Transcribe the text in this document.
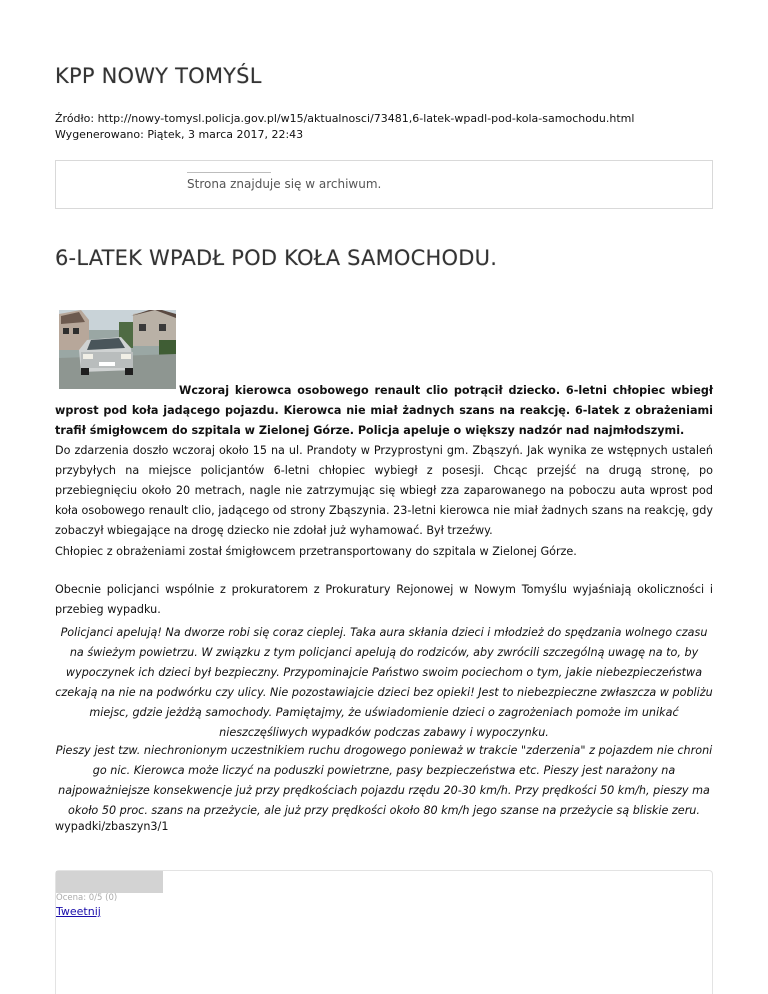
KPP NOWY TOMYŚL
Źródło: http://nowy-tomysl.policja.gov.pl/w15/aktualnosci/73481,6-latek-wpadl-pod-kola-samochodu.html
Wygenerowano: Piątek, 3 marca 2017, 22:43
Strona znajduje się w archiwum.
6-LATEK WPADŁ POD KOŁA SAMOCHODU.

Wczoraj kierowca osobowego renault clio potrącił dziecko. 6-letni chłopiec wbiegł wprost pod koła jadącego pojazdu. Kierowca nie miał żadnych szans na reakcję. 6-latek z obrażeniami trafił śmigłowcem do szpitala w Zielonej Górze. Policja apeluje o większy nadzór nad najmłodszymi.

Do zdarzenia doszło wczoraj około 15 na ul. Prandoty w Przyprostyni gm. Zbąszyń. Jak wynika ze wstępnych ustaleń przybyłych na miejsce policjantów 6-letni chłopiec wybiegł z posesji. Chcąc przejść na drugą stronę, po przebiegnięciu około 20 metrach, nagle nie zatrzymując się wbiegł zza zaparowanego na poboczu auta wprost pod koła osobowego renault clio, jadącego od strony Zbąszynia. 23-letni kierowca nie miał żadnych szans na reakcję, gdy zobaczył wbiegające na drogę dziecko nie zdołał już wyhamować. Był trzeźwy.

Chłopiec z obrażeniami został śmigłowcem przetransportowany do szpitala w Zielonej Górze.

Obecnie policjanci wspólnie z prokuratorem z Prokuratury Rejonowej w Nowym Tomyślu wyjaśniają okoliczności i przebieg wypadku.

Policjanci apelują! Na dworze robi się coraz cieplej. Taka aura skłania dzieci i młodzież do spędzania wolnego czasu na świeżym powietrzu. W związku z tym policjanci apelują do rodziców, aby zwrócili szczególną uwagę na to, by wypoczynek ich dzieci był bezpieczny. Przypominajcie Państwo swoim pociechom o tym, jakie niebezpieczeństwa czekają na nie na podwórku czy ulicy. Nie pozostawiajcie dzieci bez opieki! Jest to niebezpieczne zwłaszcza w pobliżu miejsc, gdzie jeżdżą samochody. Pamiętajmy, że uświadomienie dzieci o zagrożeniach pomoże im unikać nieszczęśliwych wypadków podczas zabawy i wypoczynku.

Pieszy jest tzw. niechronionym uczestnikiem ruchu drogowego ponieważ w trakcie "zderzenia" z pojazdem nie chroni go nic. Kierowca może liczyć na poduszki powietrzne, pasy bezpieczeństwa etc. Pieszy jest narażony na najpoważniejsze konsekwencje już przy prędkościach pojazdu rzędu 20-30 km/h. Przy prędkości 50 km/h, pieszy ma około 50 proc. szans na przeżycie, ale już przy prędkości około 80 km/h jego szanse na przeżycie są bliskie zeru.

wypadki/zbaszyn3/1
Ocena: 0/5 (0)
Tweetnij
